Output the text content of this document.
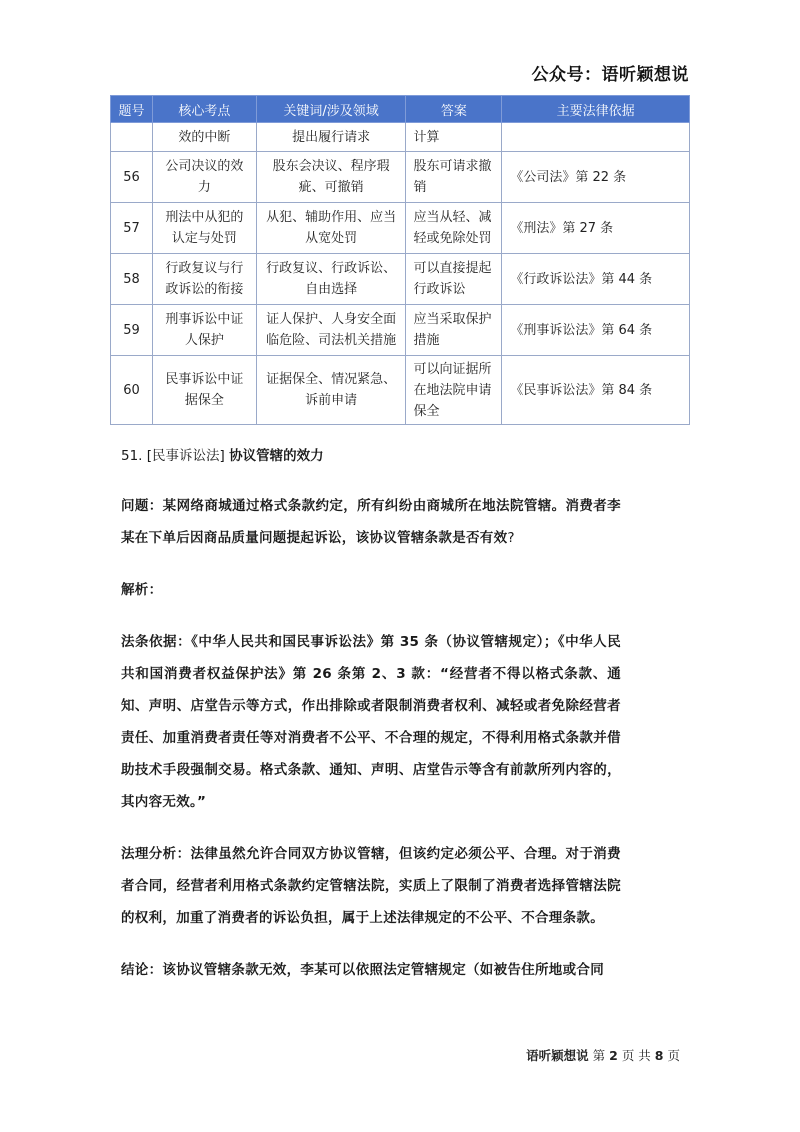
公众号：语听颖想说
题号	核心考点	关键词/涉及领域	答案	主要法律依据
	效的中断	提出履行请求	计算	
56	公司决议的效力	股东会决议、程序瑕疵、可撤销	股东可请求撤销	《公司法》第 22 条
57	刑法中从犯的认定与处罚	从犯、辅助作用、应当从宽处罚	应当从轻、减轻或免除处罚	《刑法》第 27 条
58	行政复议与行政诉讼的衔接	行政复议、行政诉讼、自由选择	可以直接提起行政诉讼	《行政诉讼法》第 44 条
59	刑事诉讼中证人保护	证人保护、人身安全面临危险、司法机关措施	应当采取保护措施	《刑事诉讼法》第 64 条
60	民事诉讼中证据保全	证据保全、情况紧急、诉前申请	可以向证据所在地法院申请保全	《民事诉讼法》第 84 条
51. [民事诉讼法] 协议管辖的效力

问题：某网络商城通过格式条款约定，所有纠纷由商城所在地法院管辖。消费者李某在下单后因商品质量问题提起诉讼，该协议管辖条款是否有效?

解析：

法条依据：《中华人民共和国民事诉讼法》第 35 条（协议管辖规定）；《中华人民共和国消费者权益保护法》第 26 条第 2、3 款：“经营者不得以格式条款、通知、声明、店堂告示等方式，作出排除或者限制消费者权利、减轻或者免除经营者责任、加重消费者责任等对消费者不公平、不合理的规定，不得利用格式条款并借助技术手段强制交易。格式条款、通知、声明、店堂告示等含有前款所列内容的，其内容无效。”

法理分析：法律虽然允许合同双方协议管辖，但该约定必须公平、合理。对于消费者合同，经营者利用格式条款约定管辖法院，实质上了限制了消费者选择管辖法院的权利，加重了消费者的诉讼负担，属于上述法律规定的不公平、不合理条款。

结论：该协议管辖条款无效，李某可以依照法定管辖规定（如被告住所地或合同

语听颖想说 第 2 页 共 8 页
